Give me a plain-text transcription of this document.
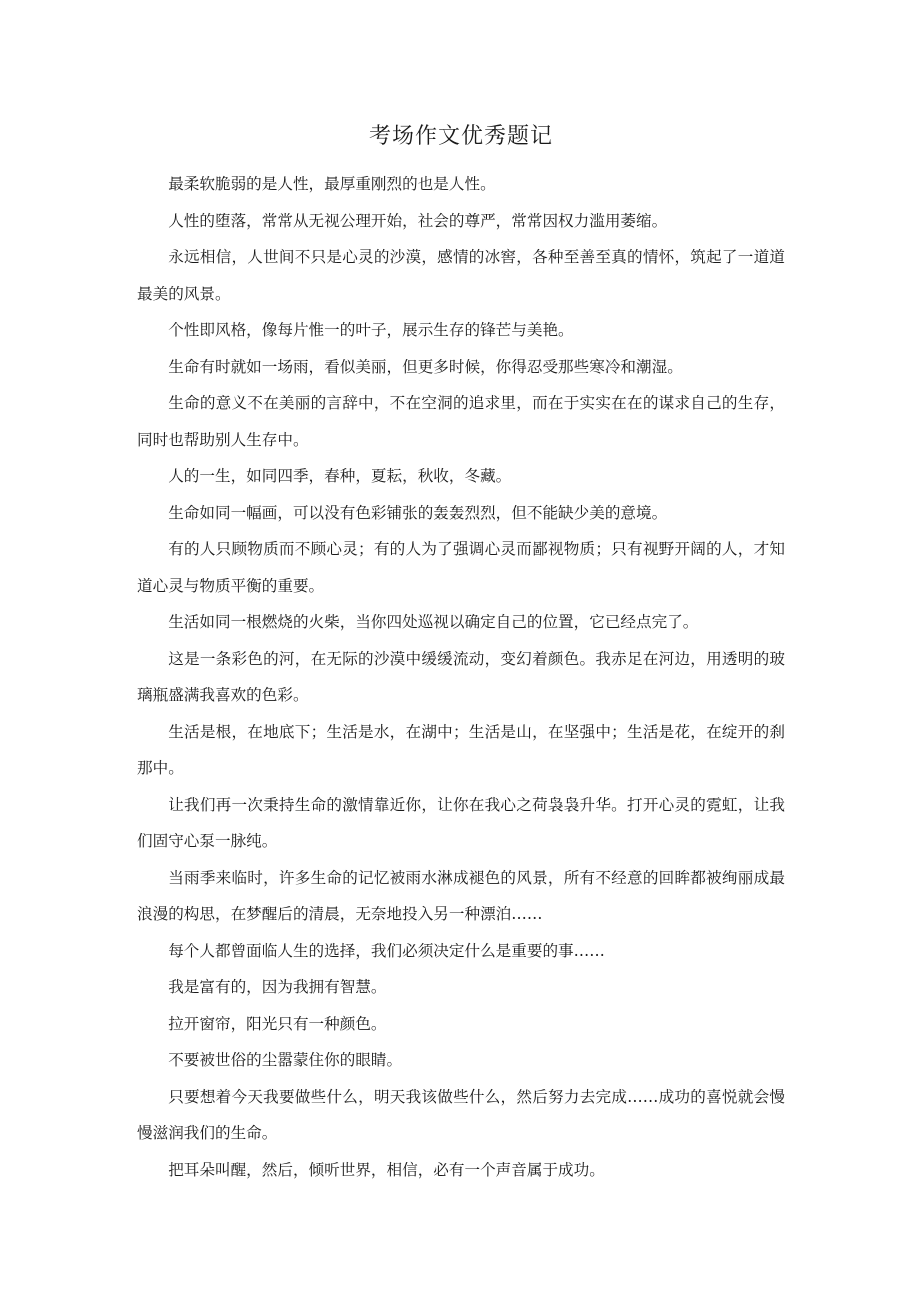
考场作文优秀题记

最柔软脆弱的是人性，最厚重刚烈的也是人性。

人性的堕落，常常从无视公理开始，社会的尊严，常常因权力滥用萎缩。

永远相信，人世间不只是心灵的沙漠，感情的冰窖，各种至善至真的情怀，筑起了一道道最美的风景。

个性即风格，像每片惟一的叶子，展示生存的锋芒与美艳。

生命有时就如一场雨，看似美丽，但更多时候，你得忍受那些寒冷和潮湿。

生命的意义不在美丽的言辞中，不在空洞的追求里，而在于实实在在的谋求自己的生存，同时也帮助别人生存中。

人的一生，如同四季，春种，夏耘，秋收，冬藏。

生命如同一幅画，可以没有色彩铺张的轰轰烈烈，但不能缺少美的意境。

有的人只顾物质而不顾心灵；有的人为了强调心灵而鄙视物质；只有视野开阔的人，才知道心灵与物质平衡的重要。

生活如同一根燃烧的火柴，当你四处巡视以确定自己的位置，它已经点完了。

这是一条彩色的河，在无际的沙漠中缓缓流动，变幻着颜色。我赤足在河边，用透明的玻璃瓶盛满我喜欢的色彩。

生活是根，在地底下；生活是水，在湖中；生活是山，在坚强中；生活是花，在绽开的刹那中。

让我们再一次秉持生命的激情靠近你，让你在我心之荷袅袅升华。打开心灵的霓虹，让我们固守心泵一脉纯。

当雨季来临时，许多生命的记忆被雨水淋成褪色的风景，所有不经意的回眸都被绚丽成最浪漫的构思，在梦醒后的清晨，无奈地投入另一种漂泊……

每个人都曾面临人生的选择，我们必须决定什么是重要的事……

我是富有的，因为我拥有智慧。

拉开窗帘，阳光只有一种颜色。

不要被世俗的尘嚣蒙住你的眼睛。

只要想着今天我要做些什么，明天我该做些什么，然后努力去完成……成功的喜悦就会慢慢滋润我们的生命。

把耳朵叫醒，然后，倾听世界，相信，必有一个声音属于成功。
